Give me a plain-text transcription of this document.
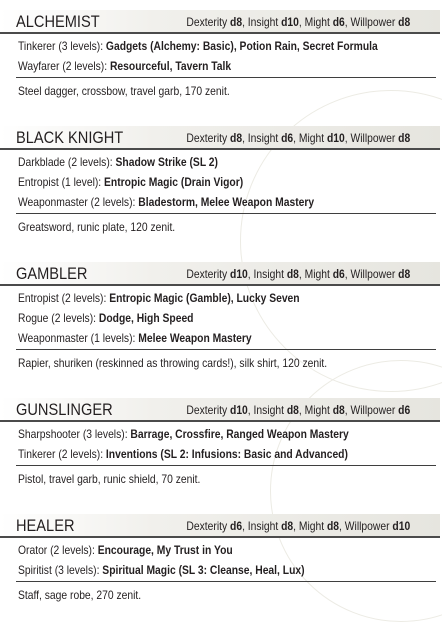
ALCHEMIST	Dexterity d8, Insight d10, Might d6, Willpower d8
Tinkerer (3 levels): Gadgets (Alchemy: Basic), Potion Rain, Secret Formula
Wayfarer (2 levels): Resourceful, Tavern Talk
Steel dagger, crossbow, travel garb, 170 zenit.
BLACK KNIGHT	Dexterity d8, Insight d6, Might d10, Willpower d8
Darkblade (2 levels): Shadow Strike (SL 2)
Entropist (1 level): Entropic Magic (Drain Vigor)
Weaponmaster (2 levels): Bladestorm, Melee Weapon Mastery
Greatsword, runic plate, 120 zenit.
GAMBLER	Dexterity d10, Insight d8, Might d6, Willpower d8
Entropist (2 levels): Entropic Magic (Gamble), Lucky Seven
Rogue (2 levels): Dodge, High Speed
Weaponmaster (1 levels): Melee Weapon Mastery
Rapier, shuriken (reskinned as throwing cards!), silk shirt, 120 zenit.
GUNSLINGER	Dexterity d10, Insight d8, Might d8, Willpower d6
Sharpshooter (3 levels): Barrage, Crossfire, Ranged Weapon Mastery
Tinkerer (2 levels): Inventions (SL 2: Infusions: Basic and Advanced)
Pistol, travel garb, runic shield, 70 zenit.
HEALER	Dexterity d6, Insight d8, Might d8, Willpower d10
Orator (2 levels): Encourage, My Trust in You
Spiritist (3 levels): Spiritual Magic (SL 3: Cleanse, Heal, Lux)
Staff, sage robe, 270 zenit.
